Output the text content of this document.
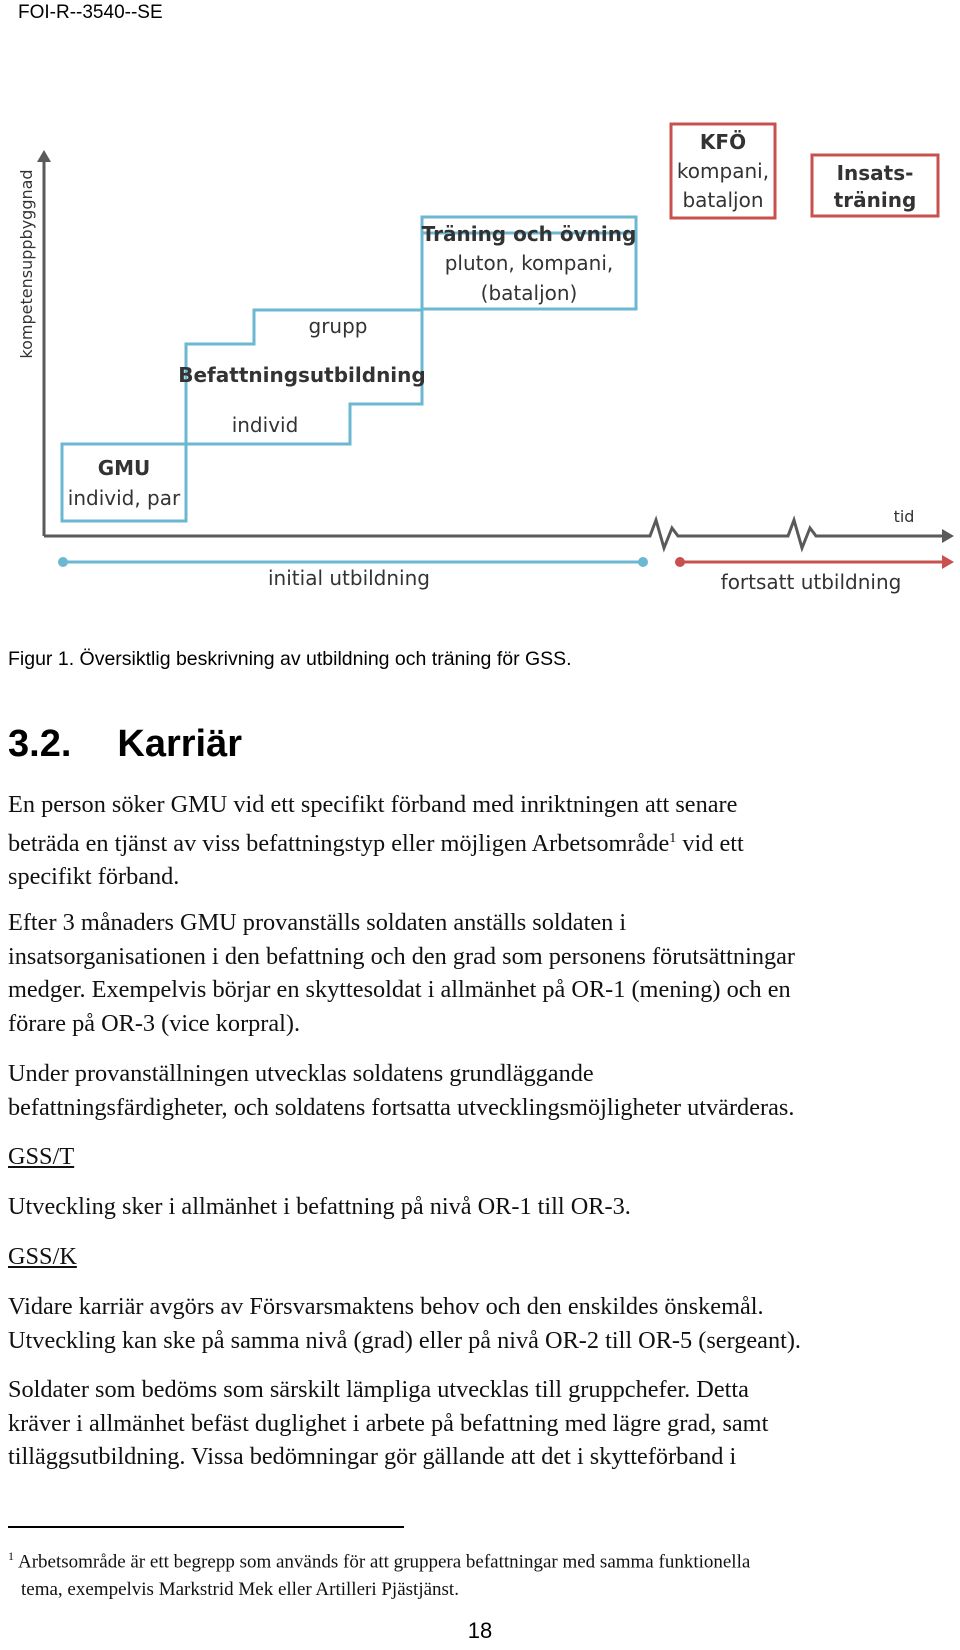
FOI-R--3540--SE
kompetensuppbyggnad
tid
GMU
individ, par
individ
grupp
Befattningsutbildning
Träning och övning
pluton, kompani,
(bataljon)
KFÖ
kompani,
bataljon
Insats-
träning
initial utbildning	fortsatt utbildning
Figur 1. Översiktlig beskrivning av utbildning och träning för GSS.
3.2. Karriär
En person söker GMU vid ett specifikt förband med inriktningen att senare
beträda en tjänst av viss befattningstyp eller möjligen Arbetsområde$^1$ vid ett
specifikt förband.
Efter 3 månaders GMU provanställs soldaten anställs soldaten i
insatsorganisationen i den befattning och den grad som personens förutsättningar
medger. Exempelvis börjar en skyttesoldat i allmänhet på OR-1 (mening) och en
förare på OR-3 (vice korpral).
Under provanställningen utvecklas soldatens grundläggande
befattningsfärdigheter, och soldatens fortsatta utvecklingsmöjligheter utvärderas.
GSS/T
Utveckling sker i allmänhet i befattning på nivå OR-1 till OR-3.
GSS/K
Vidare karriär avgörs av Försvarsmaktens behov och den enskildes önskemål.
Utveckling kan ske på samma nivå (grad) eller på nivå OR-2 till OR-5 (sergeant).
Soldater som bedöms som särskilt lämpliga utvecklas till gruppchefer. Detta
kräver i allmänhet befäst duglighet i arbete på befattning med lägre grad, samt
tilläggsutbildning. Vissa bedömningar gör gällande att det i skytteförband i
$^1$ Arbetsområde är ett begrepp som används för att gruppera befattningar med samma funktionella
tema, exempelvis Markstrid Mek eller Artilleri Pjästjänst.
18
